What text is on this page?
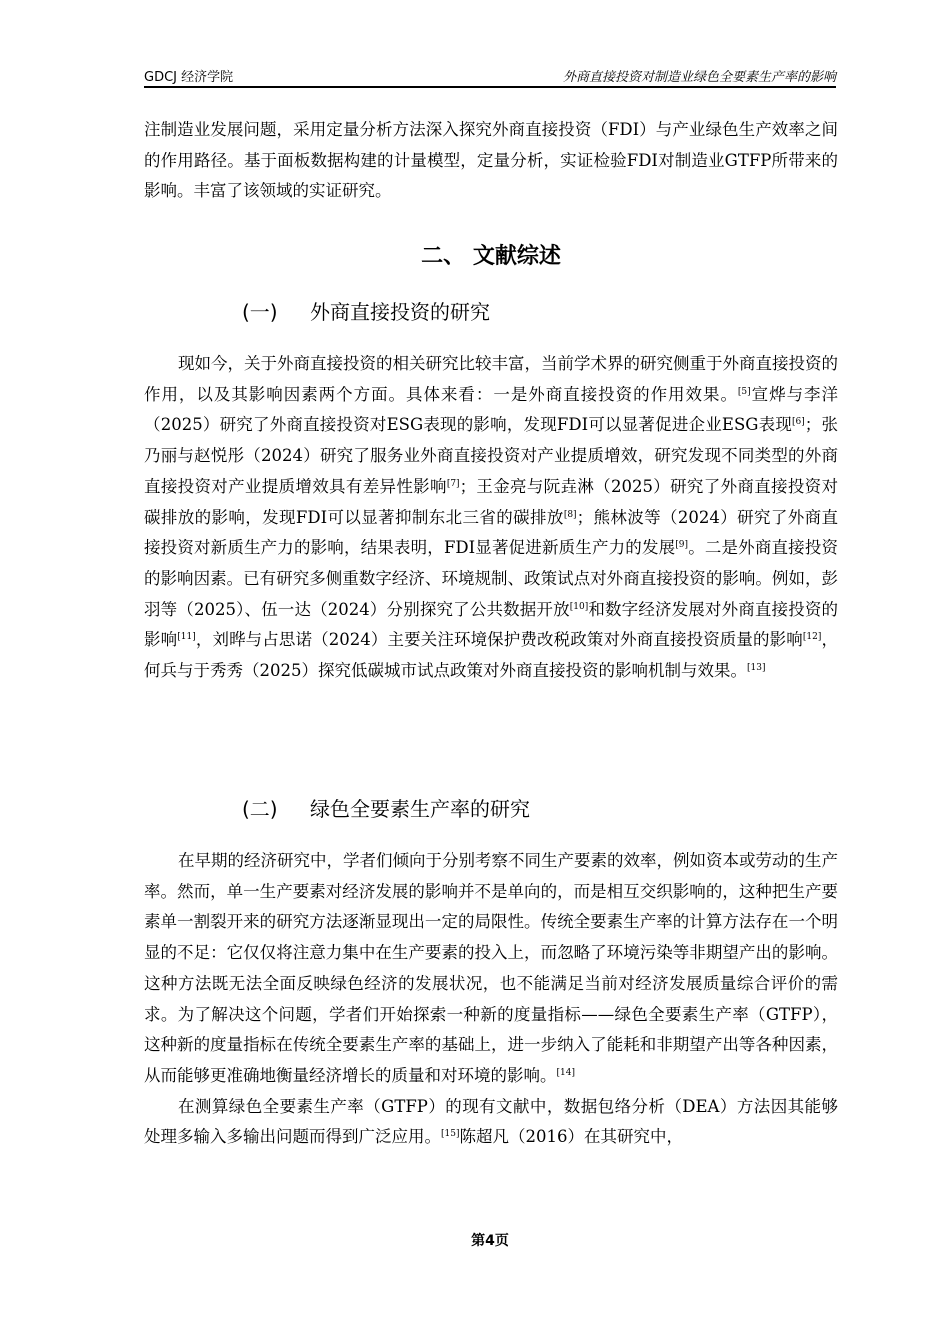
GDCJ 经济学院	外商直接投资对制造业绿色全要素生产率的影响

注制造业发展问题，采用定量分析方法深入探究外商直接投资（FDI）与产业绿色生产效率之间的作用路径。基于面板数据构建的计量模型，定量分析，实证检验FDI对制造业GTFP所带来的影响。丰富了该领域的实证研究。

二、 文献综述
(一) 外商直接投资的研究

现如今，关于外商直接投资的相关研究比较丰富，当前学术界的研究侧重于外商直接投资的作用，以及其影响因素两个方面。具体来看：一是外商直接投资的作用效果。[5]宣烨与李洋（2025）研究了外商直接投资对ESG表现的影响，发现FDI可以显著促进企业ESG表现[6]；张乃丽与赵悦彤（2024）研究了服务业外商直接投资对产业提质增效，研究发现不同类型的外商直接投资对产业提质增效具有差异性影响[7]；王金亮与阮垚淋（2025）研究了外商直接投资对碳排放的影响，发现FDI可以显著抑制东北三省的碳排放[8]；熊林波等（2024）研究了外商直接投资对新质生产力的影响，结果表明，FDI显著促进新质生产力的发展[9]。二是外商直接投资的影响因素。已有研究多侧重数字经济、环境规制、政策试点对外商直接投资的影响。例如，彭羽等（2025）、伍一达（2024）分别探究了公共数据开放[10]和数字经济发展对外商直接投资的影响[11]，刘晔与占思诺（2024）主要关注环境保护费改税政策对外商直接投资质量的影响[12]，何兵与于秀秀（2025）探究低碳城市试点政策对外商直接投资的影响机制与效果。[13]

(二) 绿色全要素生产率的研究

在早期的经济研究中，学者们倾向于分别考察不同生产要素的效率，例如资本或劳动的生产率。然而，单一生产要素对经济发展的影响并不是单向的，而是相互交织影响的，这种把生产要素单一割裂开来的研究方法逐渐显现出一定的局限性。传统全要素生产率的计算方法存在一个明显的不足：它仅仅将注意力集中在生产要素的投入上，而忽略了环境污染等非期望产出的影响。这种方法既无法全面反映绿色经济的发展状况，也不能满足当前对经济发展质量综合评价的需求。为了解决这个问题，学者们开始探索一种新的度量指标——绿色全要素生产率（GTFP），这种新的度量指标在传统全要素生产率的基础上，进一步纳入了能耗和非期望产出等各种因素，从而能够更准确地衡量经济增长的质量和对环境的影响。[14]

在测算绿色全要素生产率（GTFP）的现有文献中，数据包络分析（DEA）方法因其能够处理多输入多输出问题而得到广泛应用。[15]陈超凡（2016）在其研究中，

第4页
